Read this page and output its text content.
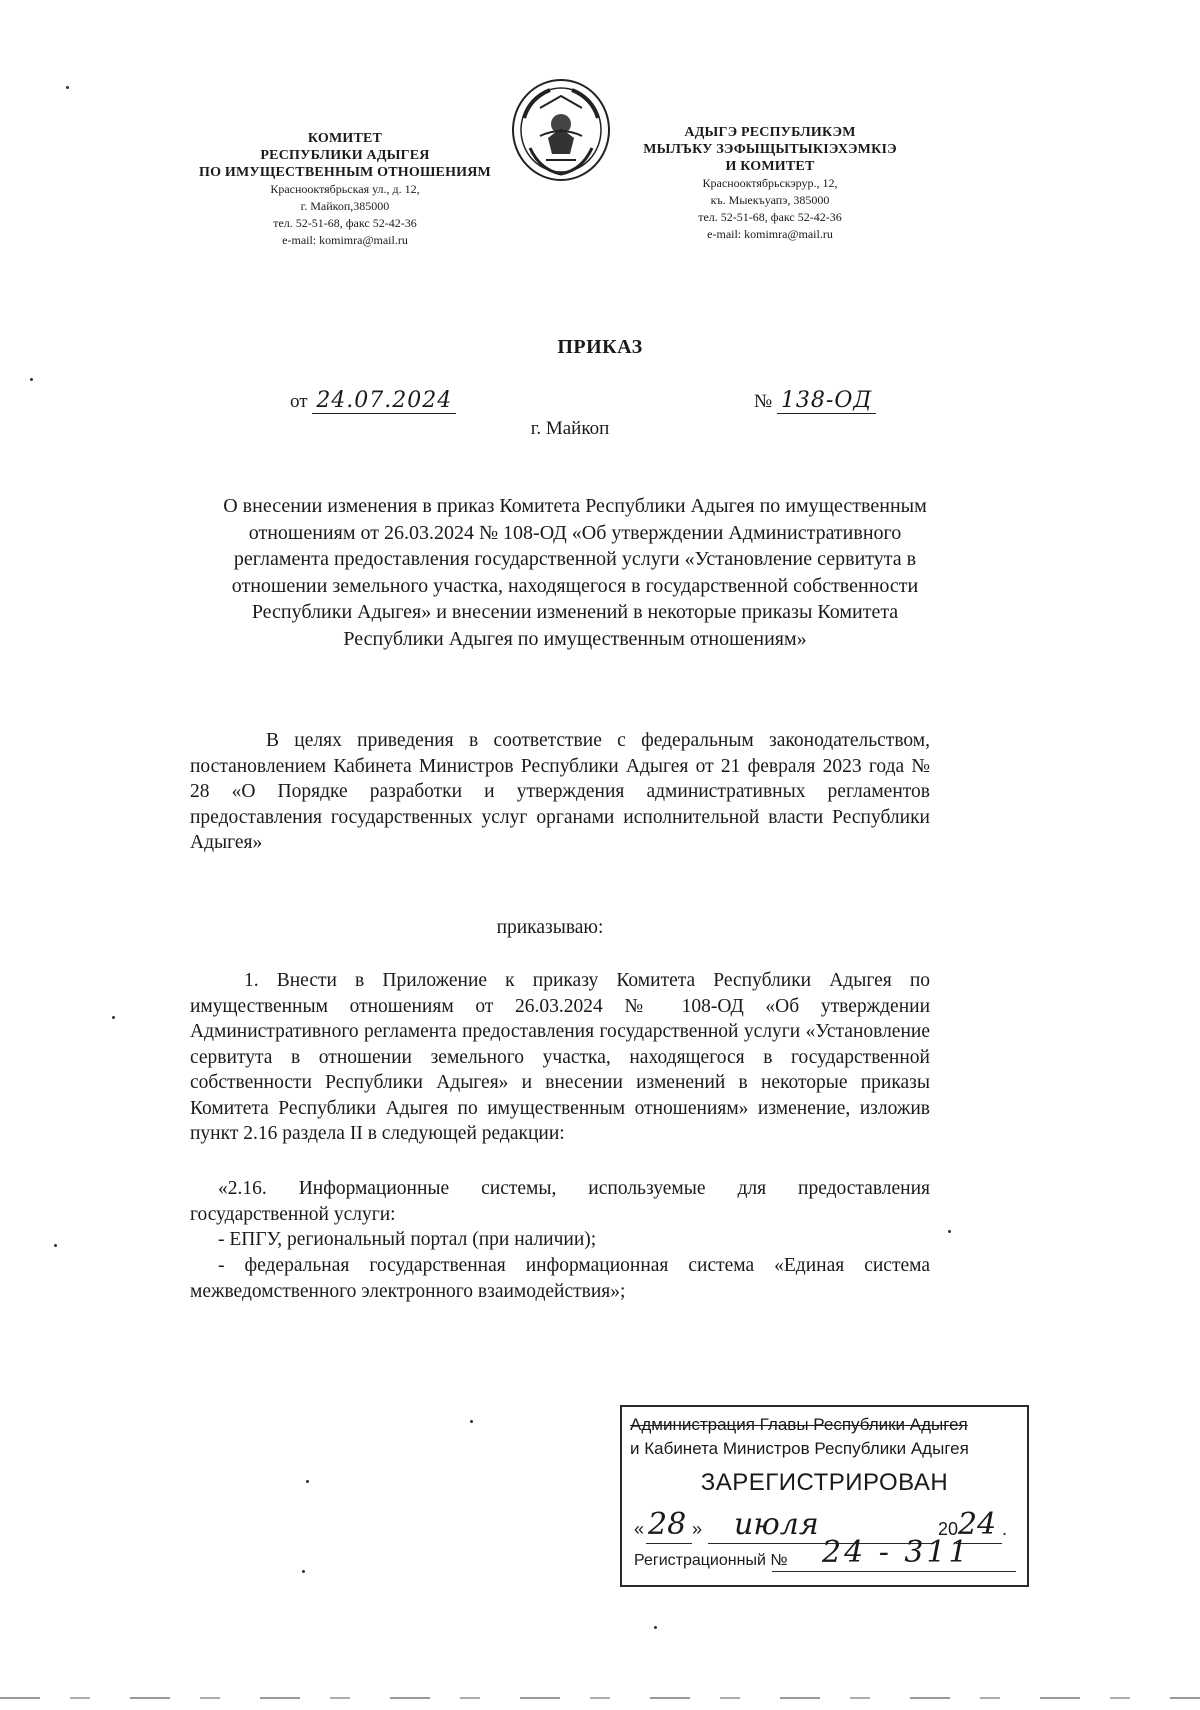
КОМИТЕТ
РЕСПУБЛИКИ АДЫГЕЯ
ПО ИМУЩЕСТВЕННЫМ ОТНОШЕНИЯМ
Краснооктябрьская ул., д. 12,
г. Майкоп,385000
тел. 52-51-68, факс 52-42-36
e-mail: komimra@mail.ru
АДЫГЭ РЕСПУБЛИКЭМ
МЫЛЪКУ ЗЭФЫЩЫТЫКIЭХЭМКIЭ
И КОМИТЕТ
Краснооктябрьскэрур., 12,
къ. Мыекъуапэ, 385000
тел. 52-51-68, факс 52-42-36
e-mail: komimra@mail.ru
ПРИКАЗ
от 24.07.2024	№ 138-ОД
г. Майкоп
О внесении изменения в приказ Комитета Республики Адыгея по имущественным отношениям от 26.03.2024 № 108-ОД «Об утверждении Административного регламента предоставления государственной услуги «Установление сервитута в отношении земельного участка, находящегося в государственной собственности Республики Адыгея» и внесении изменений в некоторые приказы Комитета Республики Адыгея по имущественным отношениям»
В целях приведения в соответствие с федеральным законодательством, постановлением Кабинета Министров Республики Адыгея от 21 февраля 2023 года № 28 «О Порядке разработки и утверждения административных регламентов предоставления государственных услуг органами исполнительной власти Республики Адыгея»
приказываю:
1. Внести в Приложение к приказу Комитета Республики Адыгея по имущественным отношениям от 26.03.2024 № 108-ОД «Об утверждении Административного регламента предоставления государственной услуги «Установление сервитута в отношении земельного участка, находящегося в государственной собственности Республики Адыгея» и внесении изменений в некоторые приказы Комитета Республики Адыгея по имущественным отношениям» изменение, изложив пункт 2.16 раздела II в следующей редакции:
«2.16. Информационные системы, используемые для предоставления государственной услуги:
- ЕПГУ, региональный портал (при наличии);
- федеральная государственная информационная система «Единая система межведомственного электронного взаимодействия»;
Администрация Главы Республики Адыгея
и Кабинета Министров Республики Адыгея
ЗАРЕГИСТРИРОВАН
« 28 » июля	20 24 .
Регистрационный № 24 - 311
